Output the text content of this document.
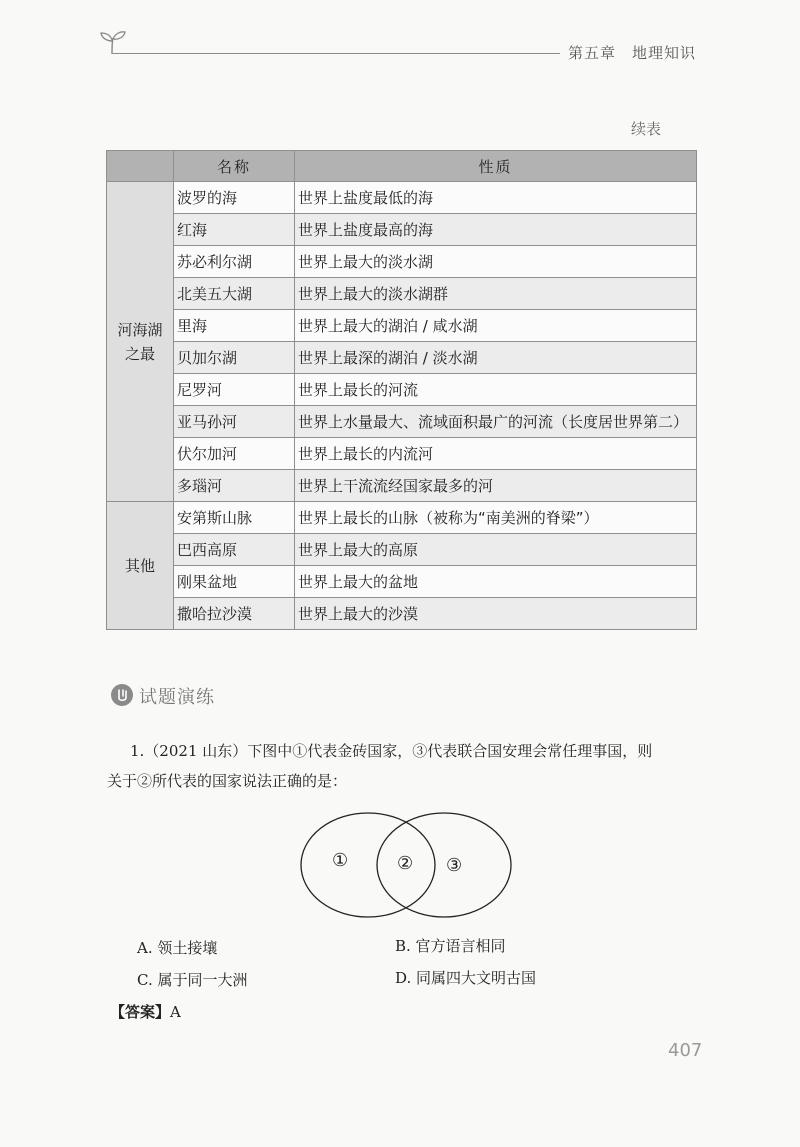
第五章　地理知识
续表
	名称	性质
河海湖之最	波罗的海	世界上盐度最低的海
	红海	世界上盐度最高的海
	苏必利尔湖	世界上最大的淡水湖
	北美五大湖	世界上最大的淡水湖群
	里海	世界上最大的湖泊 / 咸水湖
	贝加尔湖	世界上最深的湖泊 / 淡水湖
	尼罗河	世界上最长的河流
	亚马孙河	世界上水量最大、流域面积最广的河流（长度居世界第二）
	伏尔加河	世界上最长的内流河
	多瑙河	世界上干流流经国家最多的河
其他	安第斯山脉	世界上最长的山脉（被称为“南美洲的脊梁”）
	巴西高原	世界上最大的高原
	刚果盆地	世界上最大的盆地
	撒哈拉沙漠	世界上最大的沙漠
试题演练
1.（2021 山东）下图中①代表金砖国家，③代表联合国安理会常任理事国，则
关于②所代表的国家说法正确的是：
①	② ③
A. 领土接壤	B. 官方语言相同
C. 属于同一大洲	D. 同属四大文明古国
【答案】A
407
